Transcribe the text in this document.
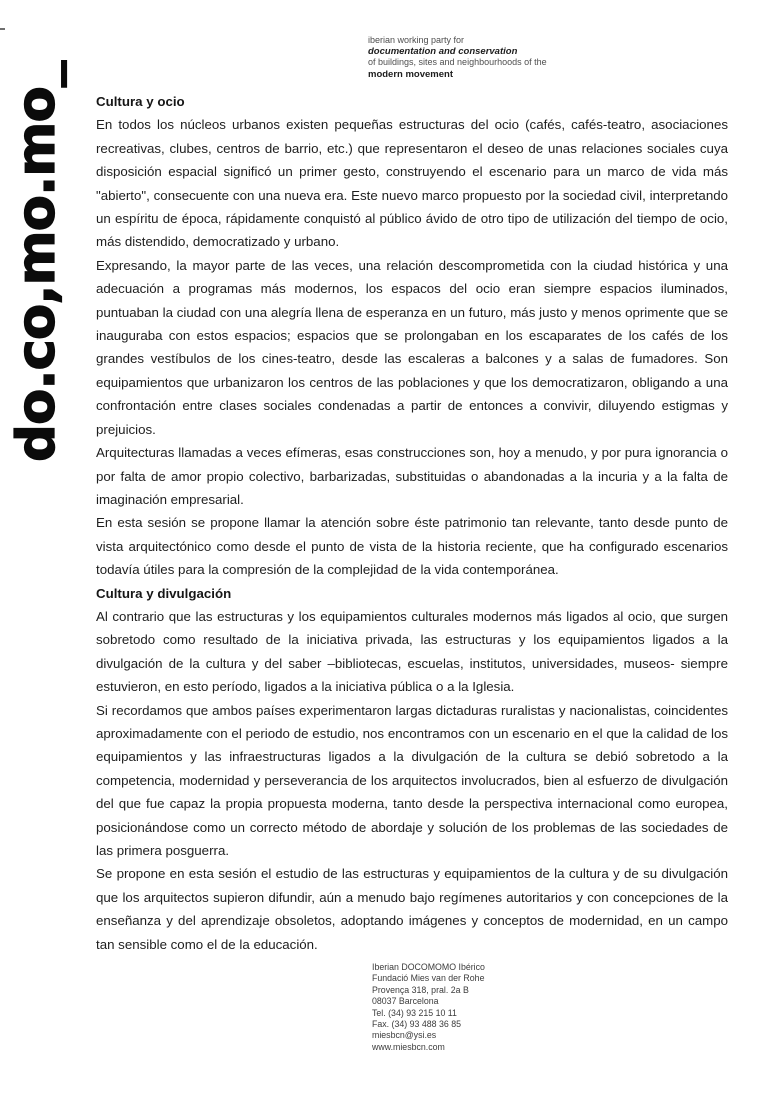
do.co,mo.mo_
iberian working party for
documentation and conservation
of buildings, sites and neighbourhoods of the
modern movement
Cultura y ocio

En todos los núcleos urbanos existen pequeñas estructuras del ocio (cafés, cafés-teatro, asociaciones recreativas, clubes, centros de barrio, etc.) que representaron el deseo de unas relaciones sociales cuya disposición espacial significó un primer gesto, construyendo el escenario para un marco de vida más "abierto", consecuente con una nueva era. Este nuevo marco propuesto por la sociedad civil, interpretando un espíritu de época, rápidamente conquistó al público ávido de otro tipo de utilización del tiempo de ocio, más distendido, democratizado y urbano.

Expresando, la mayor parte de las veces, una relación descomprometida con la ciudad histórica y una adecuación a programas más modernos, los espacos del ocio eran siempre espacios iluminados, puntuaban la ciudad con una alegría llena de esperanza en un futuro, más justo y menos oprimente que se inauguraba con estos espacios; espacios que se prolongaban en los escaparates de los cafés de los grandes vestíbulos de los cines-teatro, desde las escaleras a balcones y a salas de fumadores. Son equipamientos que urbanizaron los centros de las poblaciones y que los democratizaron, obligando a una confrontación entre clases sociales condenadas a partir de entonces a convivir, diluyendo estigmas y prejuicios.

Arquitecturas llamadas a veces efímeras, esas construcciones son, hoy a menudo, y por pura ignorancia o por falta de amor propio colectivo, barbarizadas, substituidas o abandonadas a la incuria y a la falta de imaginación empresarial.

En esta sesión se propone llamar la atención sobre éste patrimonio tan relevante, tanto desde punto de vista arquitectónico como desde el punto de vista de la historia reciente, que ha configurado escenarios todavía útiles para la compresión de la complejidad de la vida contemporánea.

Cultura y divulgación

Al contrario que las estructuras y los equipamientos culturales modernos más ligados al ocio, que surgen sobretodo como resultado de la iniciativa privada, las estructuras y los equipamientos ligados a la divulgación de la cultura y del saber –bibliotecas, escuelas, institutos, universidades, museos- siempre estuvieron, en esto período, ligados a la iniciativa pública o a la Iglesia.

Si recordamos que ambos países experimentaron largas dictaduras ruralistas y nacionalistas, coincidentes aproximadamente con el periodo de estudio, nos encontramos con un escenario en el que la calidad de los equipamientos y las infraestructuras ligados a la divulgación de la cultura se debió sobretodo a la competencia, modernidad y perseverancia de los arquitectos involucrados, bien al esfuerzo de divulgación del que fue capaz la propia propuesta moderna, tanto desde la perspectiva internacional como europea, posicionándose como un correcto método de abordaje y solución de los problemas de las sociedades de las primera posguerra.

Se propone en esta sesión el estudio de las estructuras y equipamientos de la cultura y de su divulgación que los arquitectos supieron difundir, aún a menudo bajo regímenes autoritarios y con concepciones de la enseñanza y del aprendizaje obsoletos, adoptando imágenes y conceptos de modernidad, en un campo tan sensible como el de la educación.

Iberian DOCOMOMO Ibérico
Fundació Mies van der Rohe
Provença 318, pral. 2a B
08037 Barcelona
Tel. (34) 93 215 10 11
Fax. (34) 93 488 36 85
miesbcn@ysi.es
www.miesbcn.com
